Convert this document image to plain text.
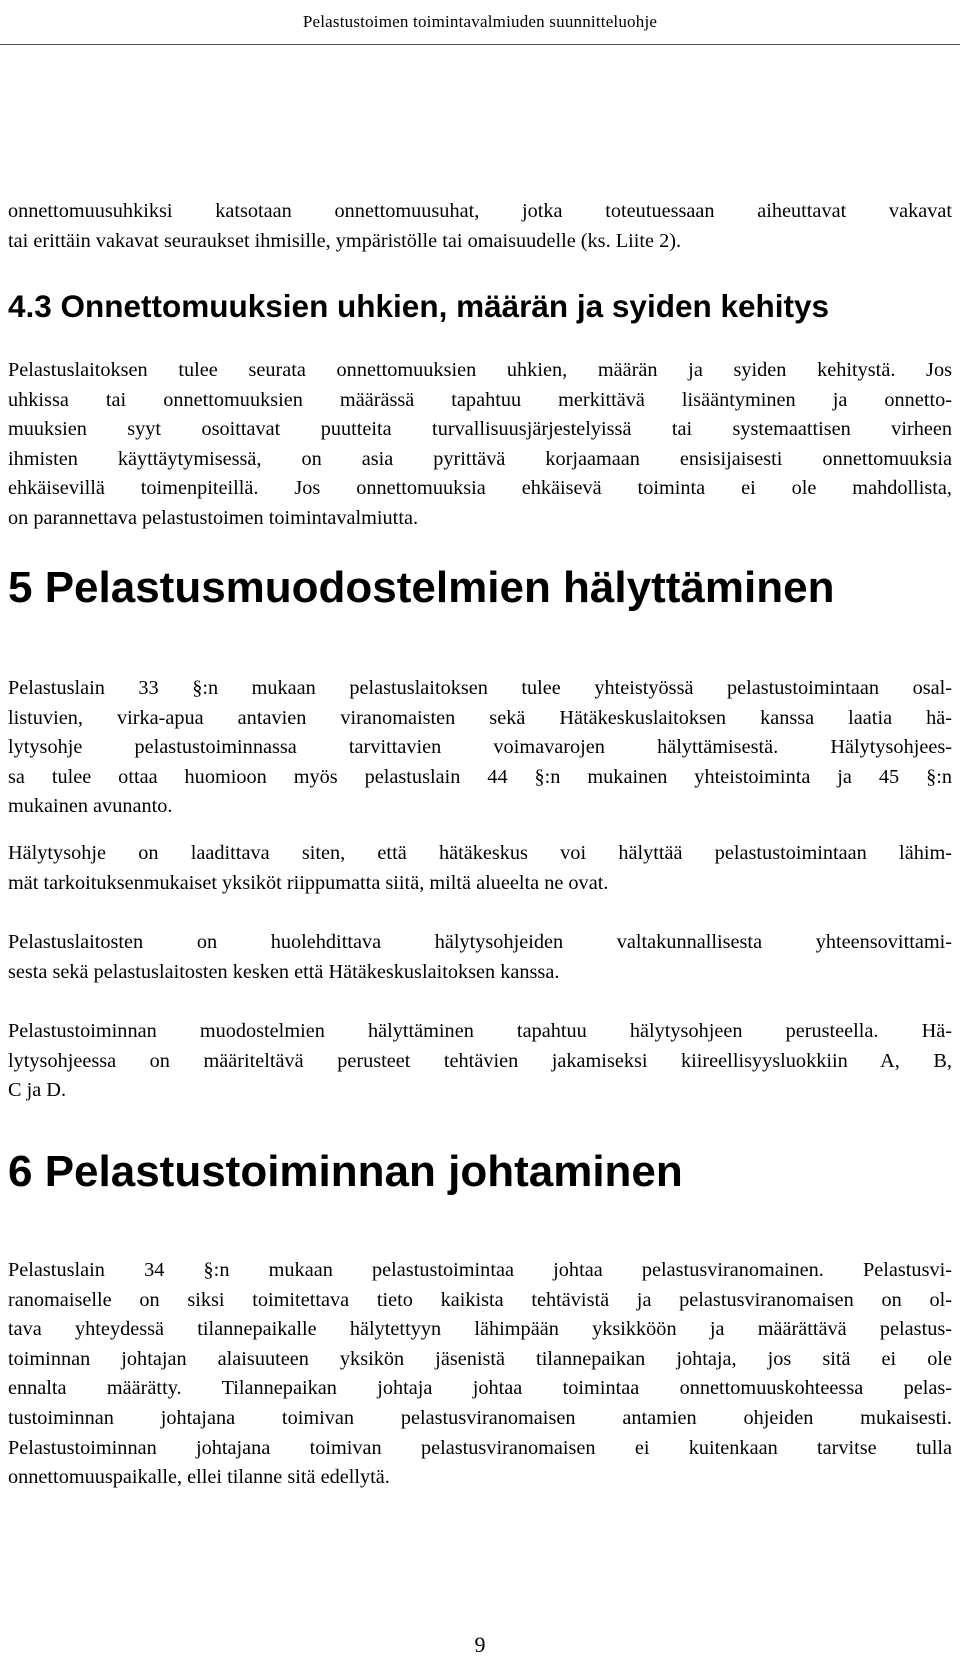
Pelastustoimen toimintavalmiuden suunnitteluohje

onnettomuusuhkiksi katsotaan onnettomuusuhat, jotka toteutuessaan aiheuttavat vakavat
tai erittäin vakavat seuraukset ihmisille, ympäristölle tai omaisuudelle (ks. Liite 2).

4.3 Onnettomuuksien uhkien, määrän ja syiden kehitys

Pelastuslaitoksen tulee seurata onnettomuuksien uhkien, määrän ja syiden kehitystä. Jos
uhkissa tai onnettomuuksien määrässä tapahtuu merkittävä lisääntyminen ja onnetto-
muuksien syyt osoittavat puutteita turvallisuusjärjestelyissä tai systemaattisen virheen
ihmisten käyttäytymisessä, on asia pyrittävä korjaamaan ensisijaisesti onnettomuuksia
ehkäisevillä toimenpiteillä. Jos onnettomuuksia ehkäisevä toiminta ei ole mahdollista,
on parannettava pelastustoimen toimintavalmiutta.

5 Pelastusmuodostelmien hälyttäminen

Pelastuslain 33 §:n mukaan pelastuslaitoksen tulee yhteistyössä pelastustoimintaan osal-
listuvien, virka-apua antavien viranomaisten sekä Hätäkeskuslaitoksen kanssa laatia hä-
lytysohje pelastustoiminnassa tarvittavien voimavarojen hälyttämisestä. Hälytysohjees-
sa tulee ottaa huomioon myös pelastuslain 44 §:n mukainen yhteistoiminta ja 45 §:n
mukainen avunanto.

Hälytysohje on laadittava siten, että hätäkeskus voi hälyttää pelastustoimintaan lähim-
mät tarkoituksenmukaiset yksiköt riippumatta siitä, miltä alueelta ne ovat.

Pelastuslaitosten on huolehdittava hälytysohjeiden valtakunnallisesta yhteensovittami-
sesta sekä pelastuslaitosten kesken että Hätäkeskuslaitoksen kanssa.

Pelastustoiminnan muodostelmien hälyttäminen tapahtuu hälytysohjeen perusteella. Hä-
lytysohjeessa on määriteltävä perusteet tehtävien jakamiseksi kiireellisyysluokkiin A, B,
C ja D.

6 Pelastustoiminnan johtaminen

Pelastuslain 34 §:n mukaan pelastustoimintaa johtaa pelastusviranomainen. Pelastusvi-
ranomaiselle on siksi toimitettava tieto kaikista tehtävistä ja pelastusviranomaisen on ol-
tava yhteydessä tilannepaikalle hälytettyyn lähimpään yksikköön ja määrättävä pelastus-
toiminnan johtajan alaisuuteen yksikön jäsenistä tilannepaikan johtaja, jos sitä ei ole
ennalta määrätty. Tilannepaikan johtaja johtaa toimintaa onnettomuuskohteessa pelas-
tustoiminnan johtajana toimivan pelastusviranomaisen antamien ohjeiden mukaisesti.
Pelastustoiminnan johtajana toimivan pelastusviranomaisen ei kuitenkaan tarvitse tulla
onnettomuuspaikalle, ellei tilanne sitä edellytä.

9
